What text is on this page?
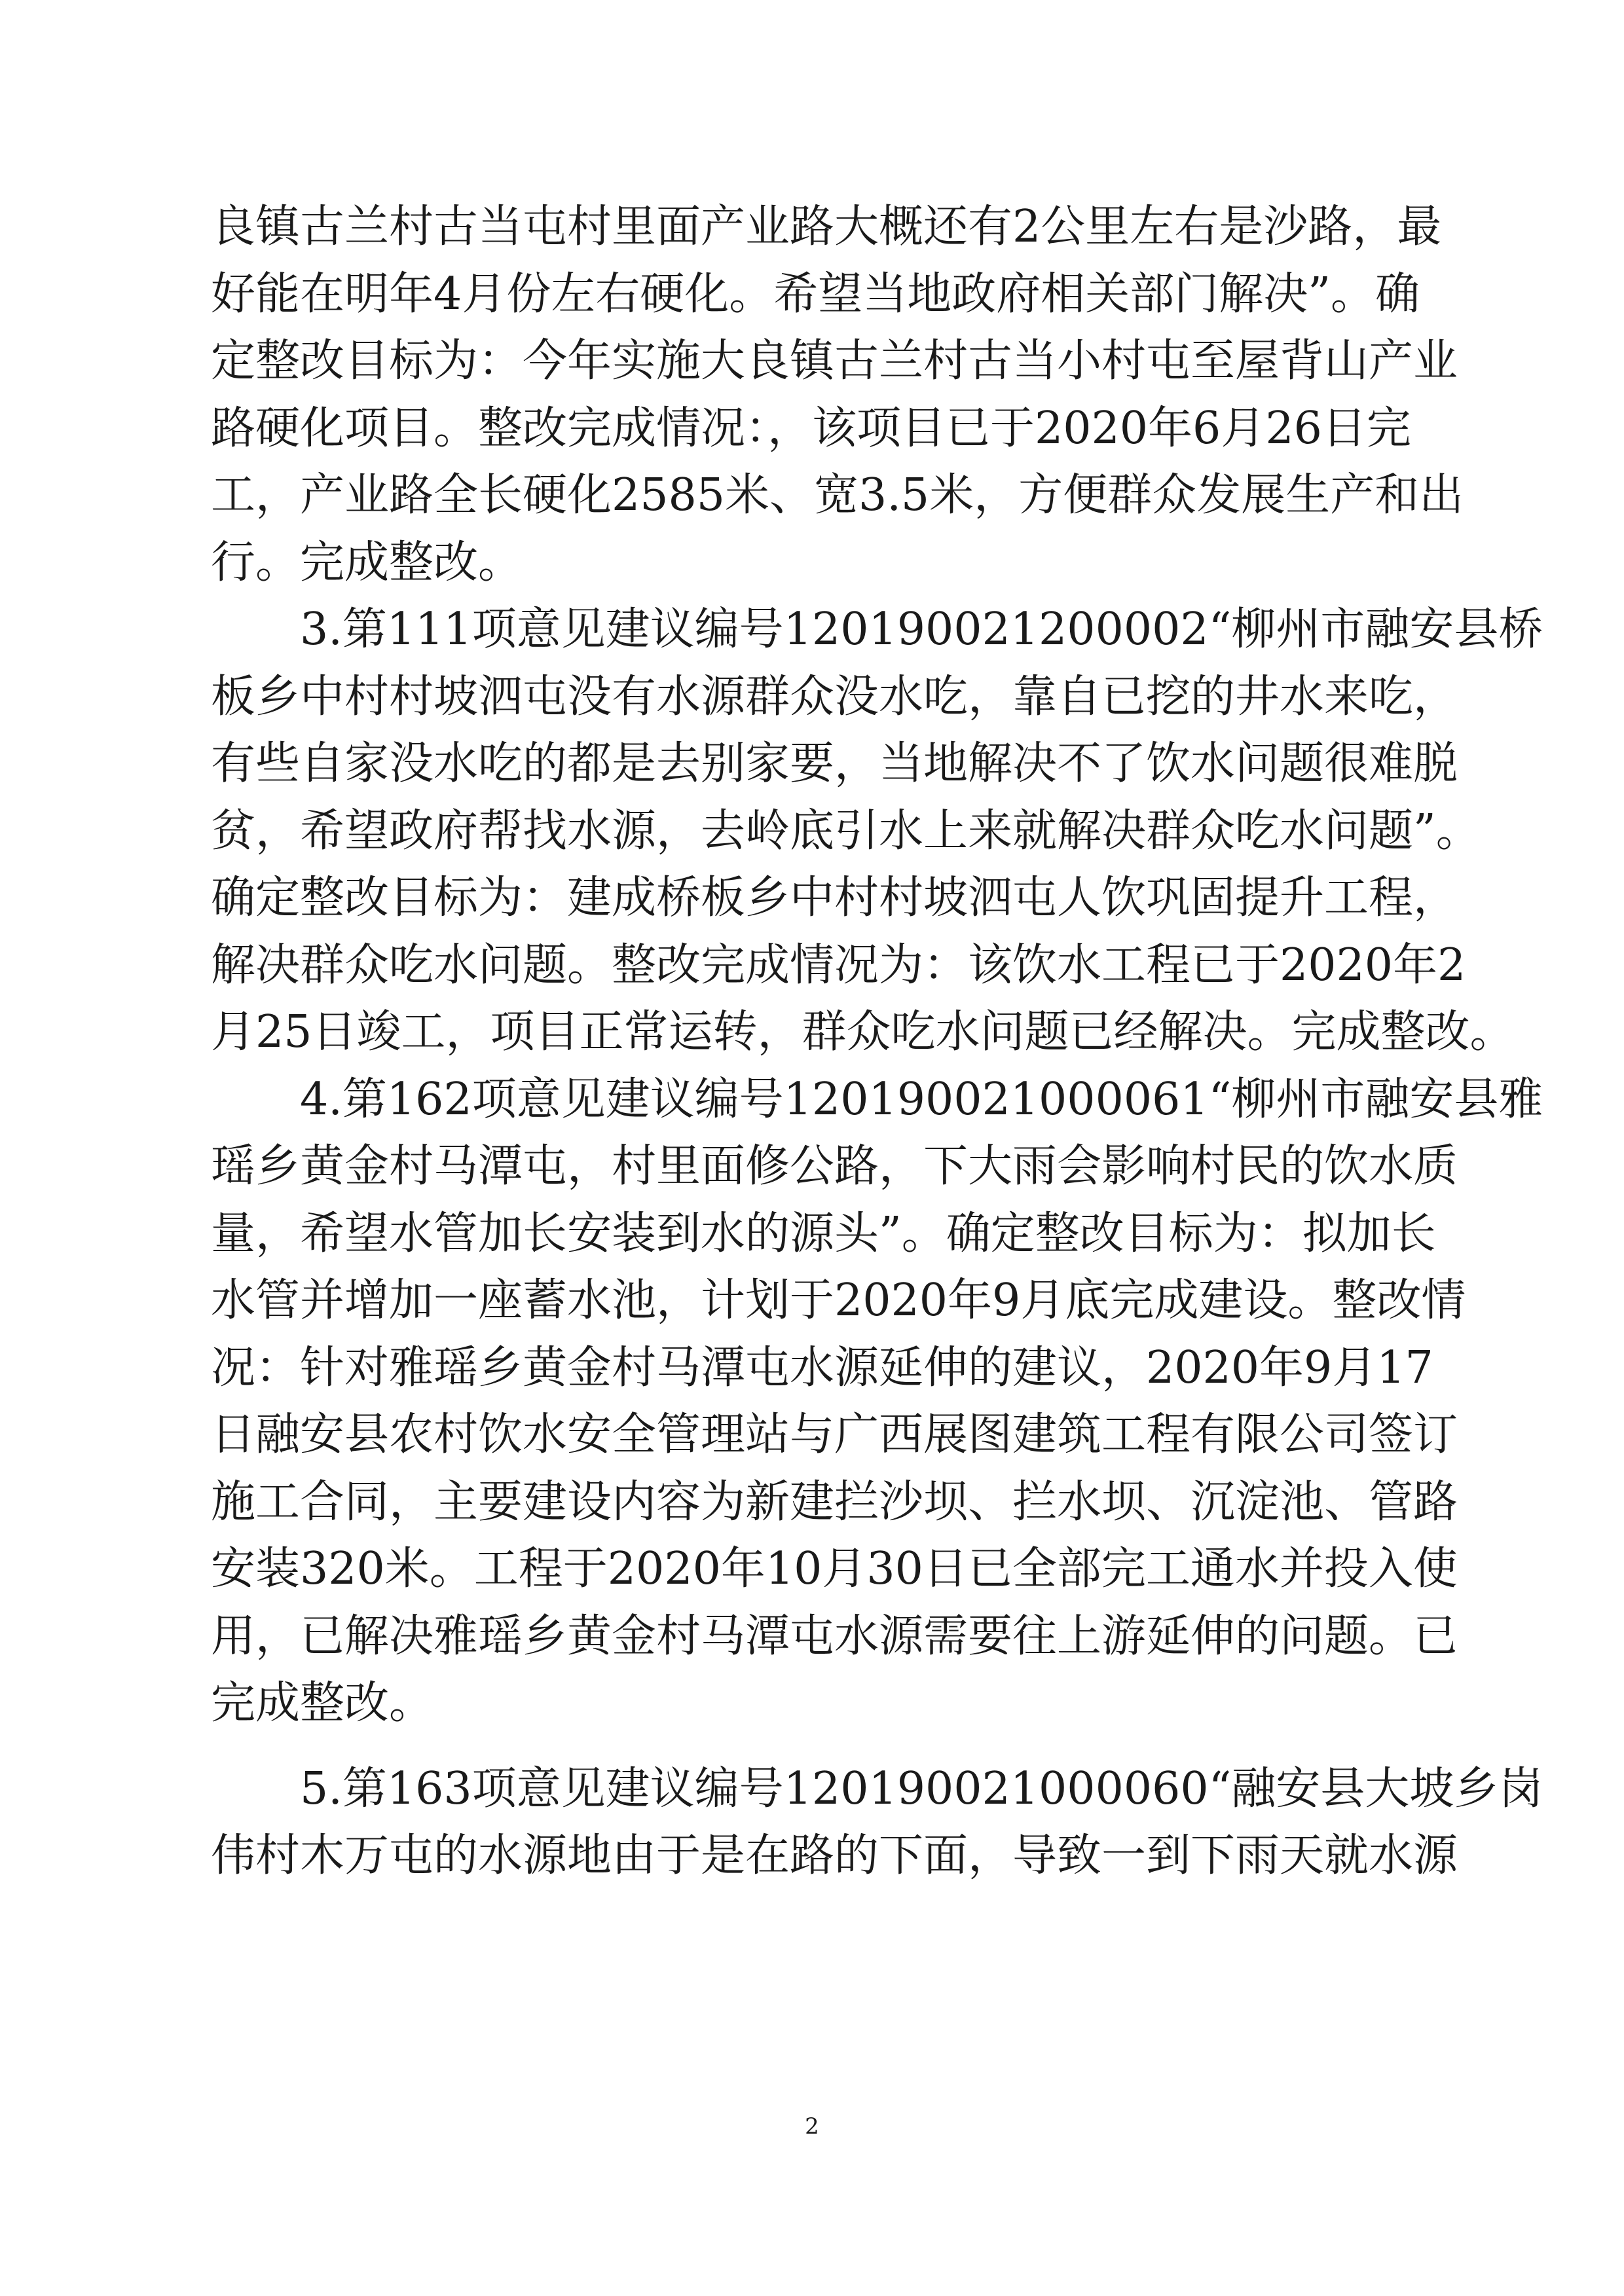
良镇古兰村古当屯村里面产业路大概还有2公里左右是沙路，最
好能在明年4月份左右硬化。希望当地政府相关部门解决”。确
定整改目标为：今年实施大良镇古兰村古当小村屯至屋背山产业
路硬化项目。整改完成情况：，该项目已于2020年6月26日完
工，产业路全长硬化2585米、宽3.5米，方便群众发展生产和出
行。完成整改。
　　3.第111项意见建议编号120190021200002“柳州市融安县桥
板乡中村村坡泗屯没有水源群众没水吃，靠自已挖的井水来吃，
有些自家没水吃的都是去别家要，当地解决不了饮水问题很难脱
贫，希望政府帮找水源，去岭底引水上来就解决群众吃水问题”。
确定整改目标为：建成桥板乡中村村坡泗屯人饮巩固提升工程，
解决群众吃水问题。整改完成情况为：该饮水工程已于2020年2
月25日竣工，项目正常运转，群众吃水问题已经解决。完成整改。
　　4.第162项意见建议编号120190021000061“柳州市融安县雅
瑶乡黄金村马潭屯，村里面修公路，下大雨会影响村民的饮水质
量，希望水管加长安装到水的源头”。确定整改目标为：拟加长
水管并增加一座蓄水池，计划于2020年9月底完成建设。整改情
况：针对雅瑶乡黄金村马潭屯水源延伸的建议，2020年9月17
日融安县农村饮水安全管理站与广西展图建筑工程有限公司签订
施工合同，主要建设内容为新建拦沙坝、拦水坝、沉淀池、管路
安装320米。工程于2020年10月30日已全部完工通水并投入使
用，已解决雅瑶乡黄金村马潭屯水源需要往上游延伸的问题。已
完成整改。
　　5.第163项意见建议编号120190021000060“融安县大坡乡岗
伟村木万屯的水源地由于是在路的下面，导致一到下雨天就水源
2
